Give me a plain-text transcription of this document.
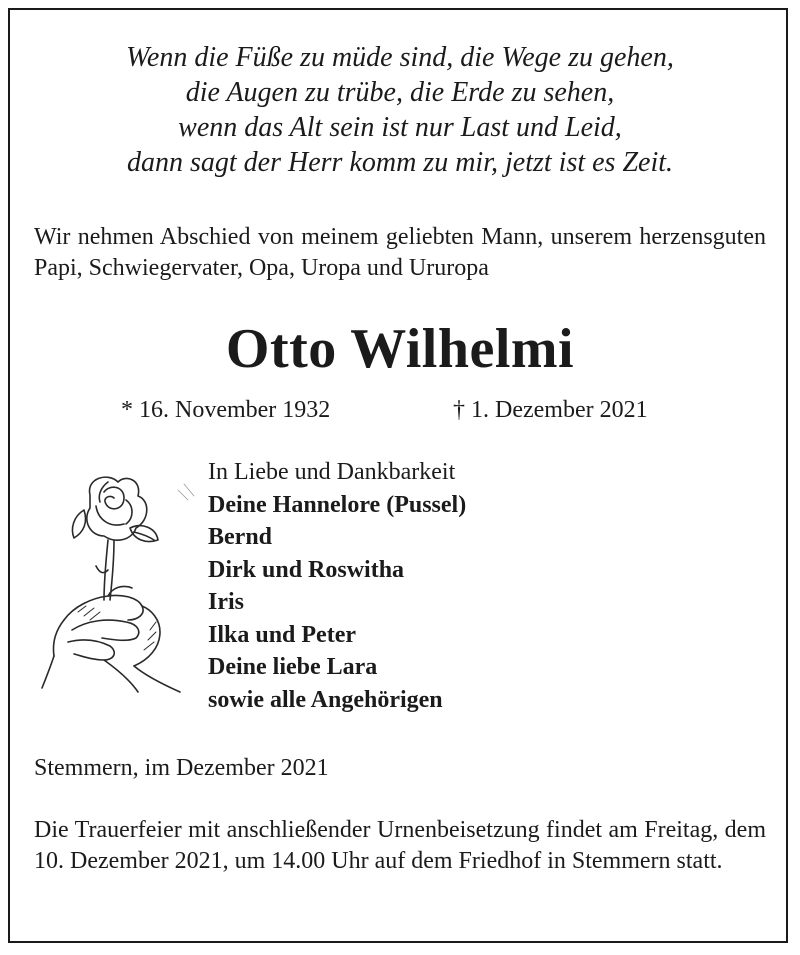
Wenn die Füße zu müde sind, die Wege zu gehen,
die Augen zu trübe, die Erde zu sehen,
wenn das Alt sein ist nur Last und Leid,
dann sagt der Herr komm zu mir, jetzt ist es Zeit.
Wir nehmen Abschied von meinem geliebten Mann, unserem herzensguten Papi, Schwiegervater, Opa, Uropa und Ururopa
Otto Wilhelmi
* 16. November 1932	† 1. Dezember 2021
In Liebe und Dankbarkeit
Deine Hannelore (Pussel)
Bernd
Dirk und Roswitha
Iris
Ilka und Peter
Deine liebe Lara
sowie alle Angehörigen
Stemmern, im Dezember 2021
Die Trauerfeier mit anschließender Urnenbeisetzung findet am Freitag, dem 10. Dezember 2021, um 14.00 Uhr auf dem Friedhof in Stemmern statt.
